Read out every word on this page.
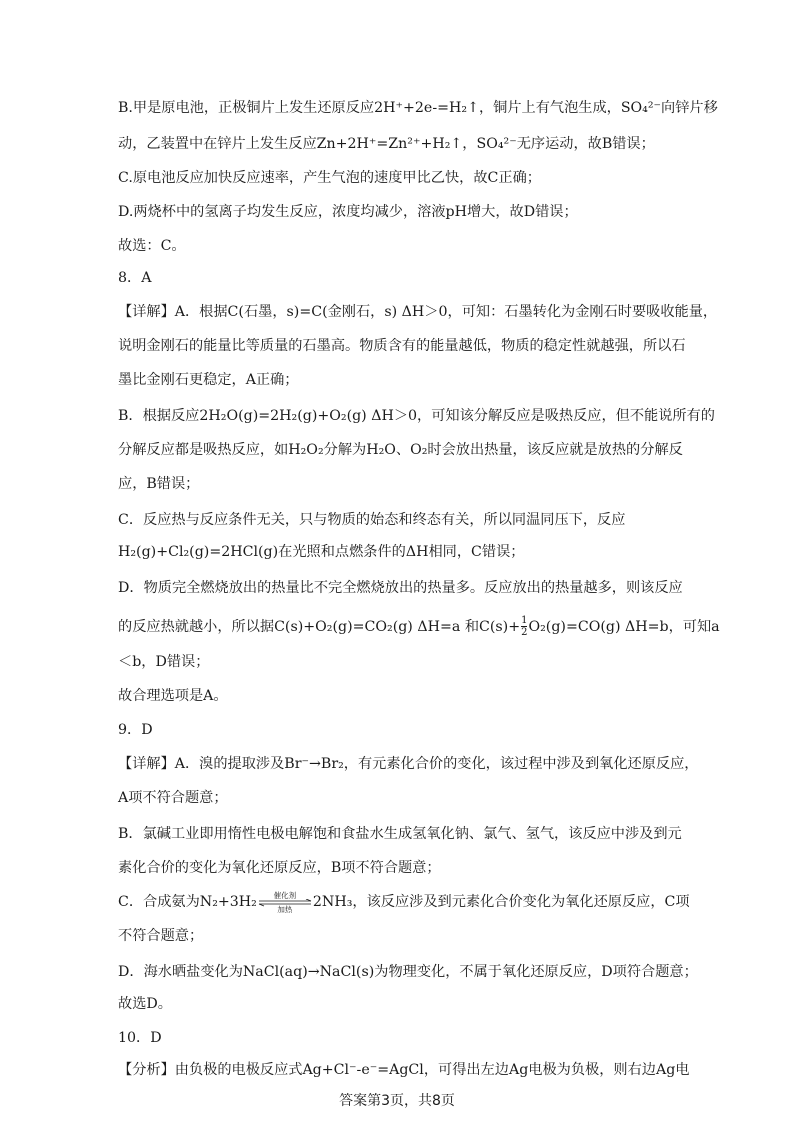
B.甲是原电池，正极铜片上发生还原反应2H⁺+2e-=H₂↑，铜片上有气泡生成，SO₄²⁻向锌片移
动，乙装置中在锌片上发生反应Zn+2H⁺=Zn²⁺+H₂↑，SO₄²⁻无序运动，故B错误；
C.原电池反应加快反应速率，产生气泡的速度甲比乙快，故C正确；
D.两烧杯中的氢离子均发生反应，浓度均减少，溶液pH增大，故D错误；
故选：C。
8．A
【详解】A．根据C(石墨，s)=C(金刚石，s) ΔH＞0，可知：石墨转化为金刚石时要吸收能量，
说明金刚石的能量比等质量的石墨高。物质含有的能量越低，物质的稳定性就越强，所以石
墨比金刚石更稳定，A正确；
B．根据反应2H₂O(g)=2H₂(g)+O₂(g) ΔH＞0，可知该分解反应是吸热反应，但不能说所有的
分解反应都是吸热反应，如H₂O₂分解为H₂O、O₂时会放出热量，该反应就是放热的分解反
应，B错误；
C．反应热与反应条件无关，只与物质的始态和终态有关，所以同温同压下，反应
H₂(g)+Cl₂(g)=2HCl(g)在光照和点燃条件的ΔH相同，C错误；
D．物质完全燃烧放出的热量比不完全燃烧放出的热量多。反应放出的热量越多，则该反应
的反应热就越小，所以据C(s)+O₂(g)=CO₂(g) ΔH=a 和$C(s)+ \frac{1}{2} O_2(g)=CO(g)$ ΔH=b，可知a
＜b，D错误；
故合理选项是A。
9．D
【详解】A．溴的提取涉及Br⁻→Br₂，有元素化合价的变化，该过程中涉及到氧化还原反应，
A项不符合题意；
B．氯碱工业即用惰性电极电解饱和食盐水生成氢氧化钠、氯气、氢气，该反应中涉及到元
素化合价的变化为氧化还原反应，B项不符合题意；
C．合成氨为N₂+3H₂	催化剂
加热	2NH₃，该反应涉及到元素化合价变化为氧化还原反应，C项
不符合题意；
D．海水晒盐变化为NaCl(aq)→NaCl(s)为物理变化，不属于氧化还原反应，D项符合题意；
故选D。
10．D
【分析】由负极的电极反应式Ag+Cl⁻-e⁻=AgCl，可得出左边Ag电极为负极，则右边Ag电
答案第3页，共8页
